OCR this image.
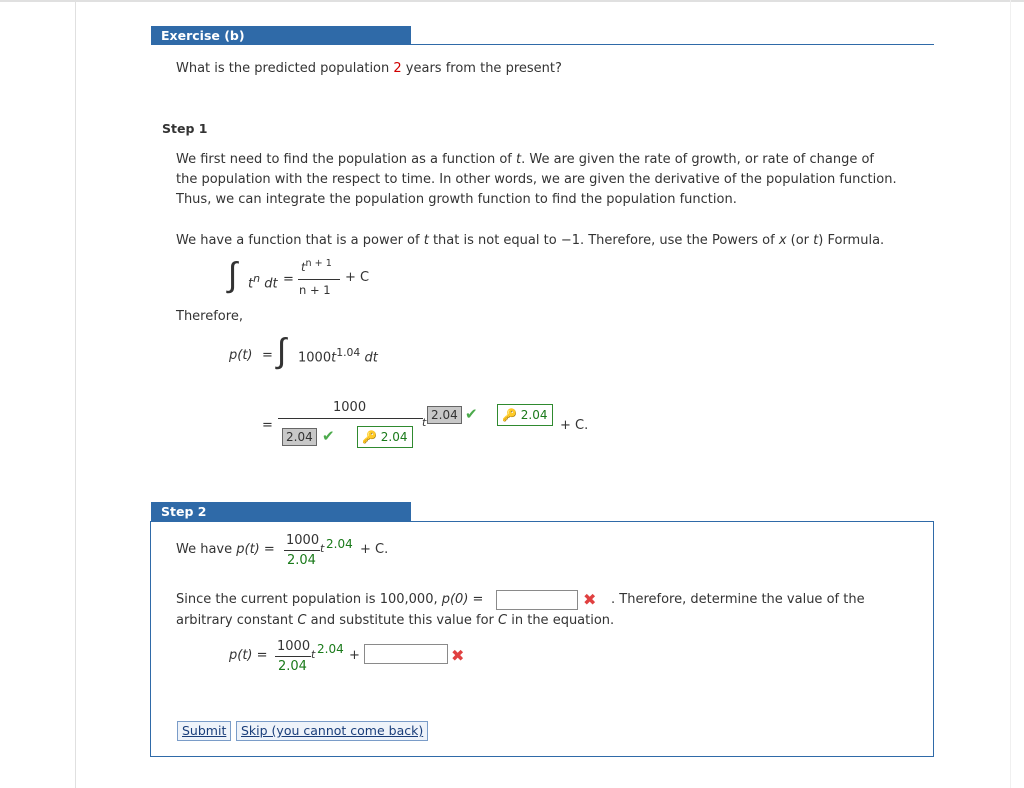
Exercise (b)
What is the predicted population 2 years from the present?
Step 1
We first need to find the population as a function of t. We are given the rate of growth, or rate of change of
the population with the respect to time. In other words, we are given the derivative of the population function.
Thus, we can integrate the population growth function to find the population function.
We have a function that is a power of t that is not equal to −1. Therefore, use the Powers of x (or t) Formula.
∫ $t^n$ dt =
$t^{n + 1}$
n + 1
+ C
Therefore,
p(t) = ∫ $1000t^{1.04}$ dt
=
1000
2.04 ✔	🔑 2.04
t
2.04 ✔	🔑 2.04
+ C.
Step 2
We have p(t) =
1000
2.04
t 2.04 + C.
Since the current population is 100,000, p(0) =	✖ . Therefore, determine the value of the
arbitrary constant C and substitute this value for C in the equation.
p(t) =
1000
2.04
t 2.04 +	✖
Submit	Skip (you cannot come back)
